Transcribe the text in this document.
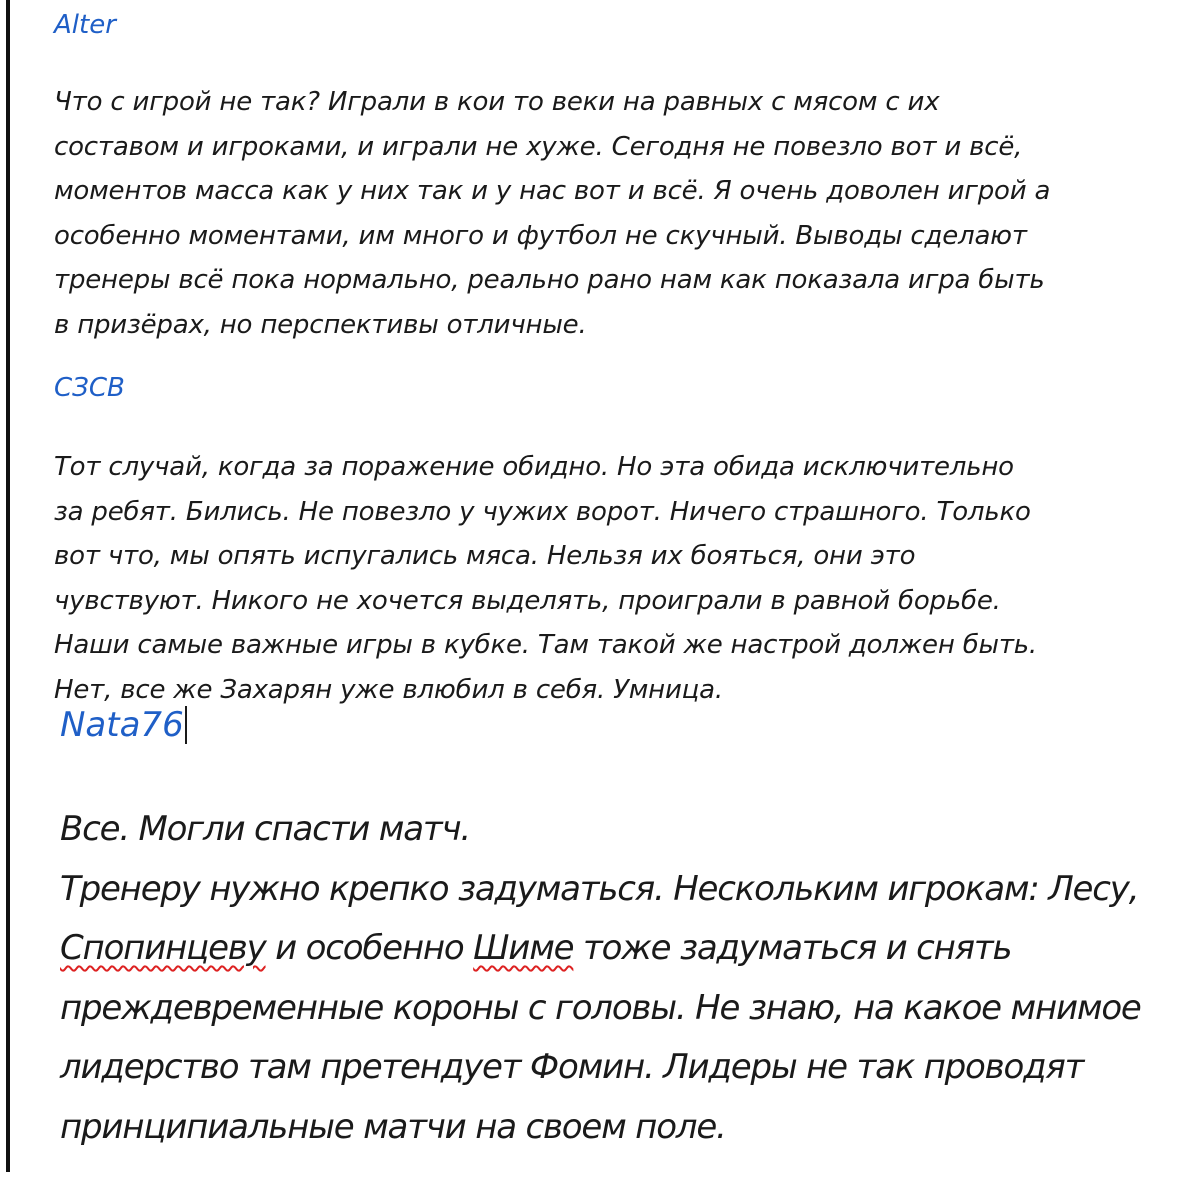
Alter
Что с игрой не так? Играли в кои то веки на равных с мясом с их
составом и игроками, и играли не хуже. Сегодня не повезло вот и всё,
моментов масса как у них так и у нас вот и всё. Я очень доволен игрой а
особенно моментами, им много и футбол не скучный. Выводы сделают
тренеры всё пока нормально, реально рано нам как показала игра быть
в призёрах, но перспективы отличные.
СЗСВ
Тот случай, когда за поражение обидно. Но эта обида исключительно
за ребят. Бились. Не повезло у чужих ворот. Ничего страшного. Только
вот что, мы опять испугались мяса. Нельзя их бояться, они это
чувствуют. Никого не хочется выделять, проиграли в равной борьбе.
Наши самые важные игры в кубке. Там такой же настрой должен быть.
Нет, все же Захарян уже влюбил в себя. Умница.
Nata76
Все. Могли спасти матч.
Тренеру нужно крепко задуматься. Нескольким игрокам: Лесу,
Спопинцеву и особенно Шиме тоже задуматься и снять
преждевременные короны с головы. Не знаю, на какое мнимое
лидерство там претендует Фомин. Лидеры не так проводят
принципиальные матчи на своем поле.
